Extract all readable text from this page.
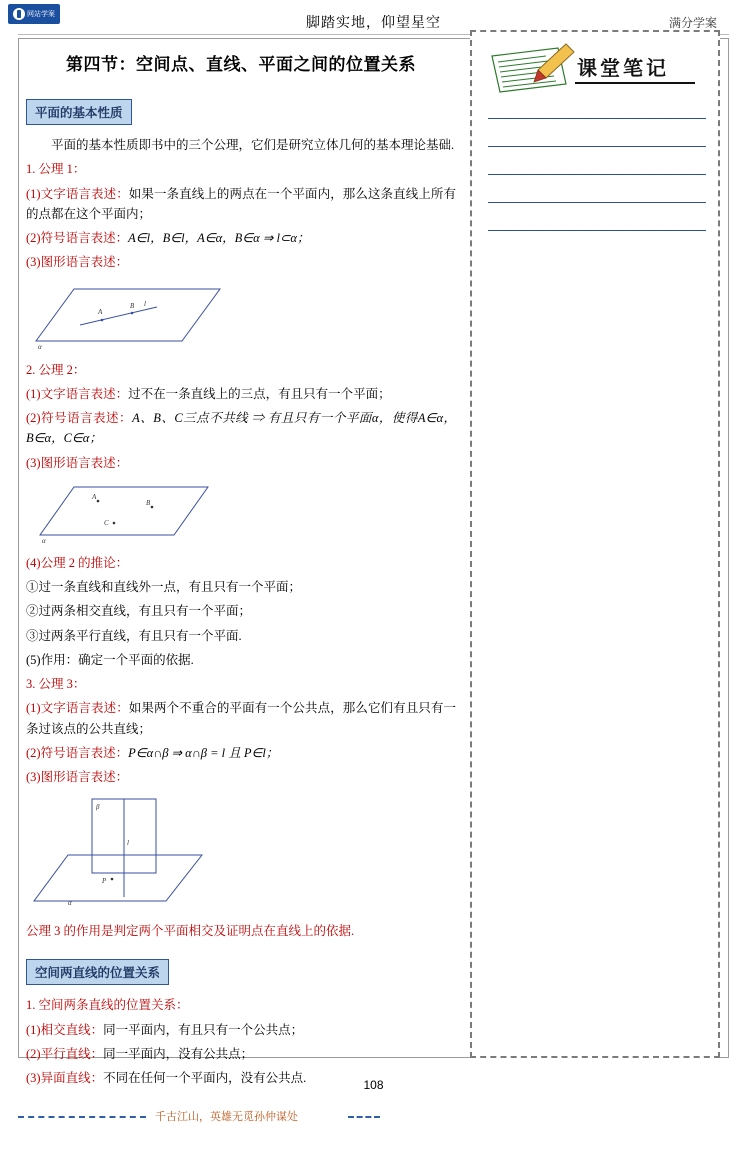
网站学案
脚踏实地，仰望星空	满分学案
第四节：空间点、直线、平面之间的位置关系
平面的基本性质

平面的基本性质即书中的三个公理，它们是研究立体几何的基本理论基础.

1. 公理 1：

(1)文字语言表述：如果一条直线上的两点在一个平面内，那么这条直线上所有的点都在这个平面内；

(2)符号语言表述：A∈l，B∈l，A∈α，B∈α ⇒ l⊂α；

(3)图形语言表述：

A
l
B
α

2. 公理 2：

(1)文字语言表述：过不在一条直线上的三点，有且只有一个平面；

(2)符号语言表述：A、B、C三点不共线 ⇒ 有且只有一个平面α，使得A∈α，B∈α，C∈α；

(3)图形语言表述：

A
B
C
α

(4)公理 2 的推论：

①过一条直线和直线外一点，有且只有一个平面；

②过两条相交直线，有且只有一个平面；

③过两条平行直线，有且只有一个平面.

(5)作用：确定一个平面的依据.

3. 公理 3：

(1)文字语言表述：如果两个不重合的平面有一个公共点，那么它们有且只有一条过该点的公共直线；

(2)符号语言表述：P∈α∩β ⇒ α∩β = l 且 P∈l；

(3)图形语言表述：

β
l
P
α

公理 3 的作用是判定两个平面相交及证明点在直线上的依据.

空间两直线的位置关系

1. 空间两条直线的位置关系：

(1)相交直线：同一平面内，有且只有一个公共点；

(2)平行直线：同一平面内，没有公共点；

(3)异面直线：不同在任何一个平面内，没有公共点.

课堂笔记
108
千古江山，英雄无觅孙仲谋处
